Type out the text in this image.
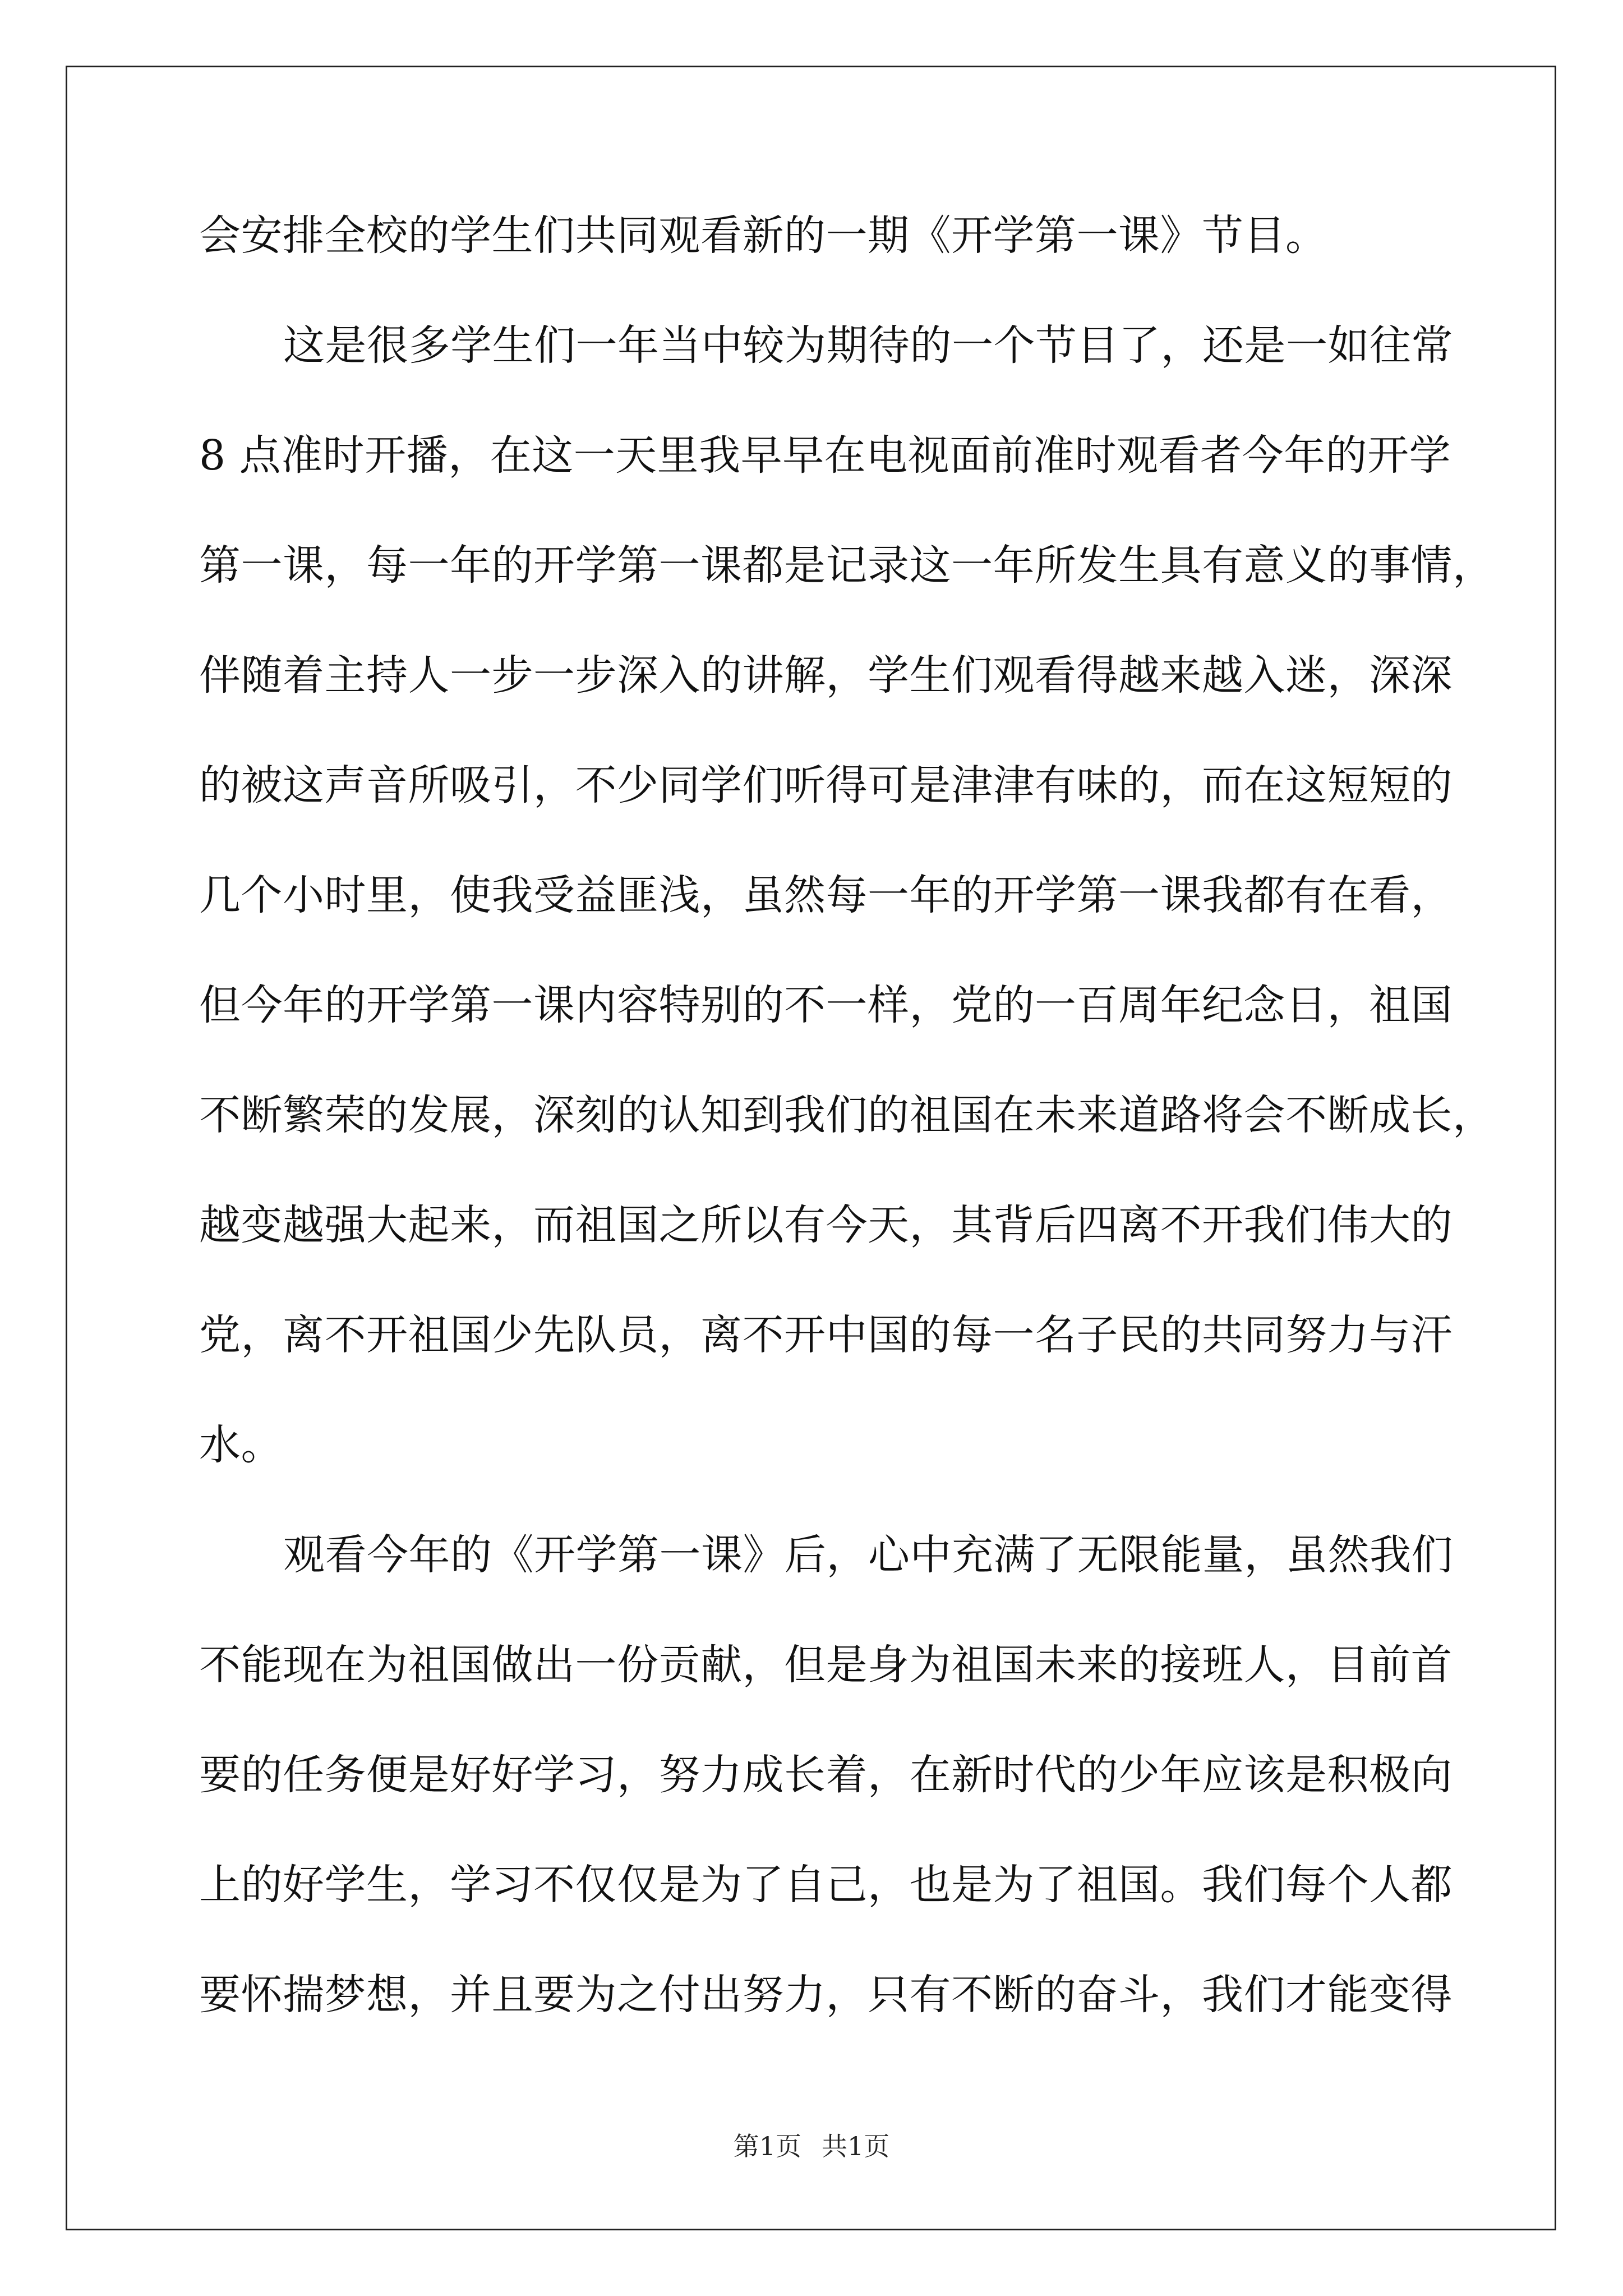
会安排全校的学生们共同观看新的一期《开学第一课》节目。
这是很多学生们一年当中较为期待的一个节目了，还是一如往常
8 点准时开播，在这一天里我早早在电视面前准时观看者今年的开学
第一课，每一年的开学第一课都是记录这一年所发生具有意义的事情，
伴随着主持人一步一步深入的讲解，学生们观看得越来越入迷，深深
的被这声音所吸引，不少同学们听得可是津津有味的，而在这短短的
几个小时里，使我受益匪浅，虽然每一年的开学第一课我都有在看，
但今年的开学第一课内容特别的不一样，党的一百周年纪念日，祖国
不断繁荣的发展，深刻的认知到我们的祖国在未来道路将会不断成长，
越变越强大起来，而祖国之所以有今天，其背后四离不开我们伟大的
党，离不开祖国少先队员，离不开中国的每一名子民的共同努力与汗
水。
观看今年的《开学第一课》后，心中充满了无限能量，虽然我们
不能现在为祖国做出一份贡献，但是身为祖国未来的接班人，目前首
要的任务便是好好学习，努力成长着，在新时代的少年应该是积极向
上的好学生，学习不仅仅是为了自己，也是为了祖国。我们每个人都
要怀揣梦想，并且要为之付出努力，只有不断的奋斗，我们才能变得
第1页 共1页
